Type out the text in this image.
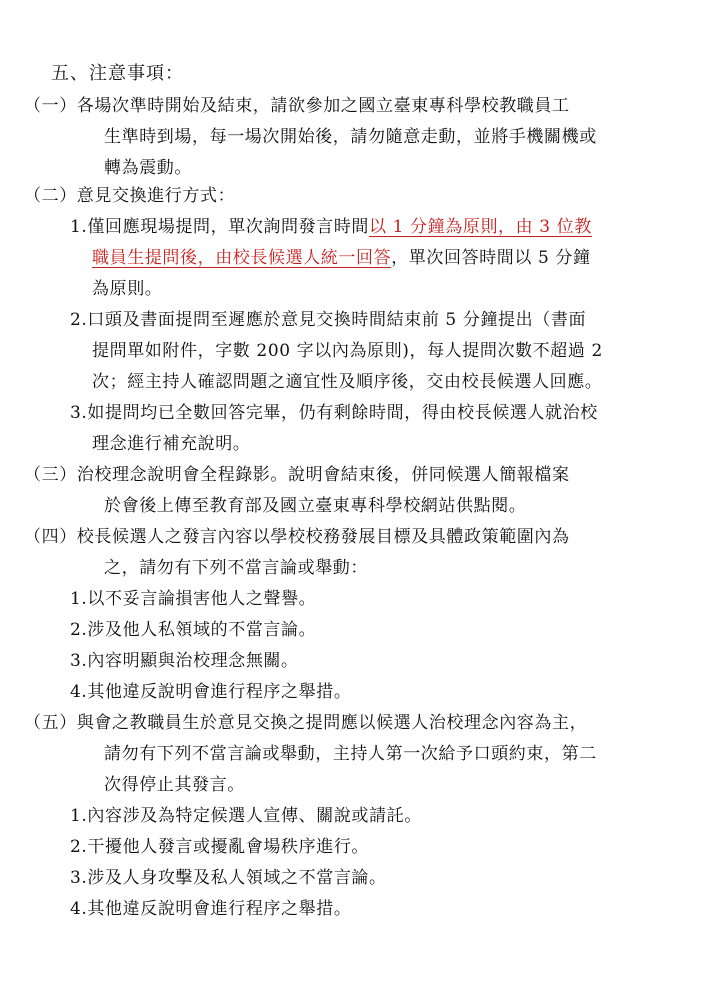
五、注意事項：
（一）各場次準時開始及結束，請欲參加之國立臺東專科學校教職員工
生準時到場，每一場次開始後，請勿隨意走動，並將手機關機或
轉為震動。
（二）意見交換進行方式：
1.僅回應現場提問，單次詢問發言時間以 1 分鐘為原則，由 3 位教
職員生提問後，由校長候選人統一回答，單次回答時間以 5 分鐘
為原則。
2.口頭及書面提問至遲應於意見交換時間結束前 5 分鐘提出（書面
提問單如附件，字數 200 字以內為原則)，每人提問次數不超過 2
次；經主持人確認問題之適宜性及順序後，交由校長候選人回應。
3.如提問均已全數回答完畢，仍有剩餘時間，得由校長候選人就治校
理念進行補充說明。
（三）治校理念說明會全程錄影。說明會結束後，併同候選人簡報檔案
於會後上傳至教育部及國立臺東專科學校網站供點閱。
（四）校長候選人之發言內容以學校校務發展目標及具體政策範圍內為
之，請勿有下列不當言論或舉動：
1.以不妥言論損害他人之聲譽。
2.涉及他人私領域的不當言論。
3.內容明顯與治校理念無關。
4.其他違反說明會進行程序之舉措。
（五）與會之教職員生於意見交換之提問應以候選人治校理念內容為主，
請勿有下列不當言論或舉動，主持人第一次給予口頭約束，第二
次得停止其發言。
1.內容涉及為特定候選人宣傳、關說或請託。
2.干擾他人發言或擾亂會場秩序進行。
3.涉及人身攻擊及私人領域之不當言論。
4.其他違反說明會進行程序之舉措。
